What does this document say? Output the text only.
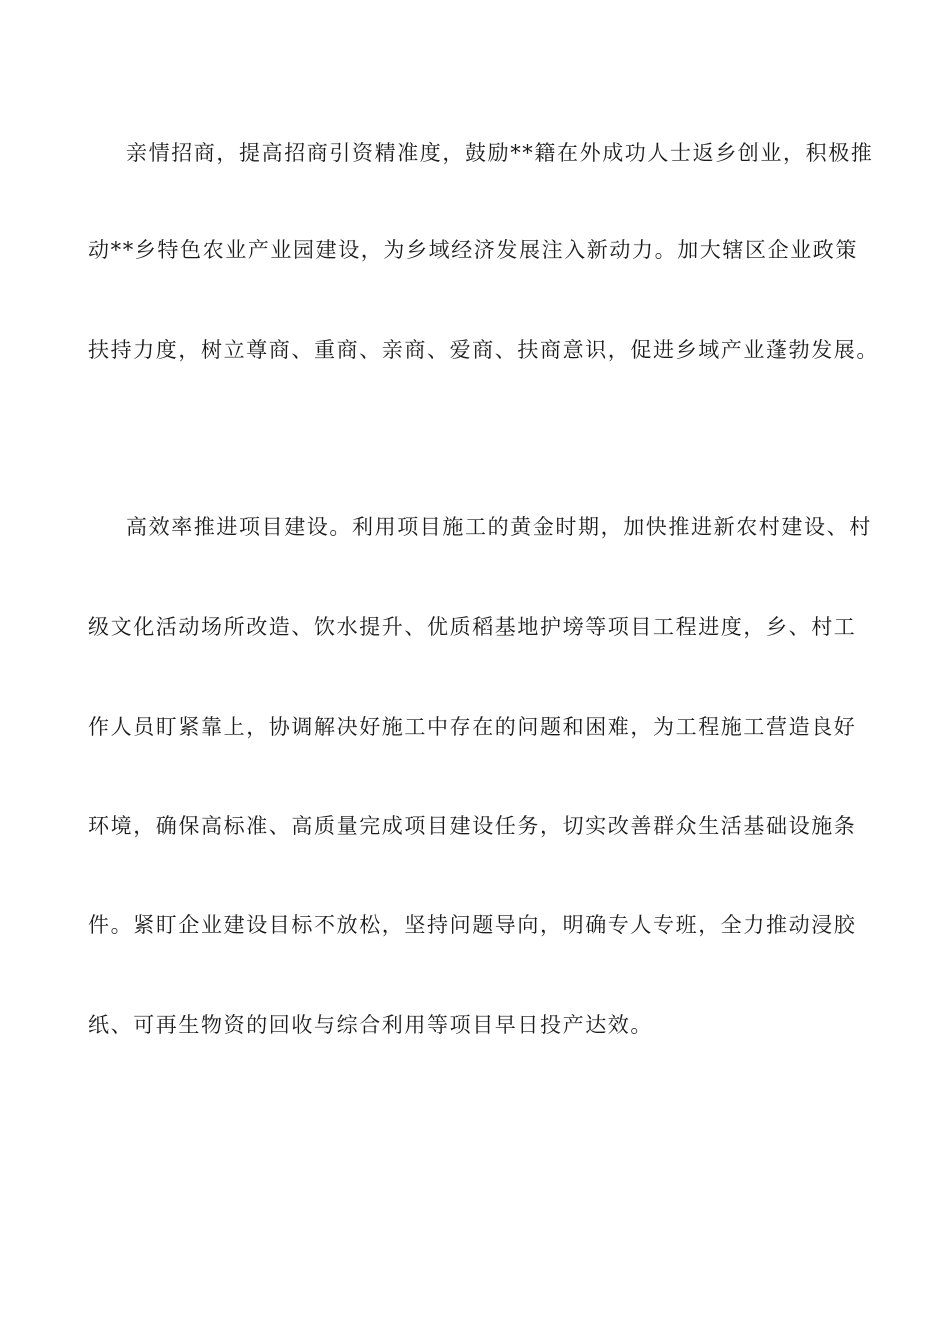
亲情招商，提高招商引资精准度，鼓励**籍在外成功人士返乡创业，积极推
动**乡特色农业产业园建设，为乡域经济发展注入新动力。加大辖区企业政策
扶持力度，树立尊商、重商、亲商、爱商、扶商意识，促进乡域产业蓬勃发展。
高效率推进项目建设。利用项目施工的黄金时期，加快推进新农村建设、村
级文化活动场所改造、饮水提升、优质稻基地护塝等项目工程进度，乡、村工
作人员盯紧靠上，协调解决好施工中存在的问题和困难，为工程施工营造良好
环境，确保高标准、高质量完成项目建设任务，切实改善群众生活基础设施条
件。紧盯企业建设目标不放松，坚持问题导向，明确专人专班，全力推动浸胶
纸、可再生物资的回收与综合利用等项目早日投产达效。
